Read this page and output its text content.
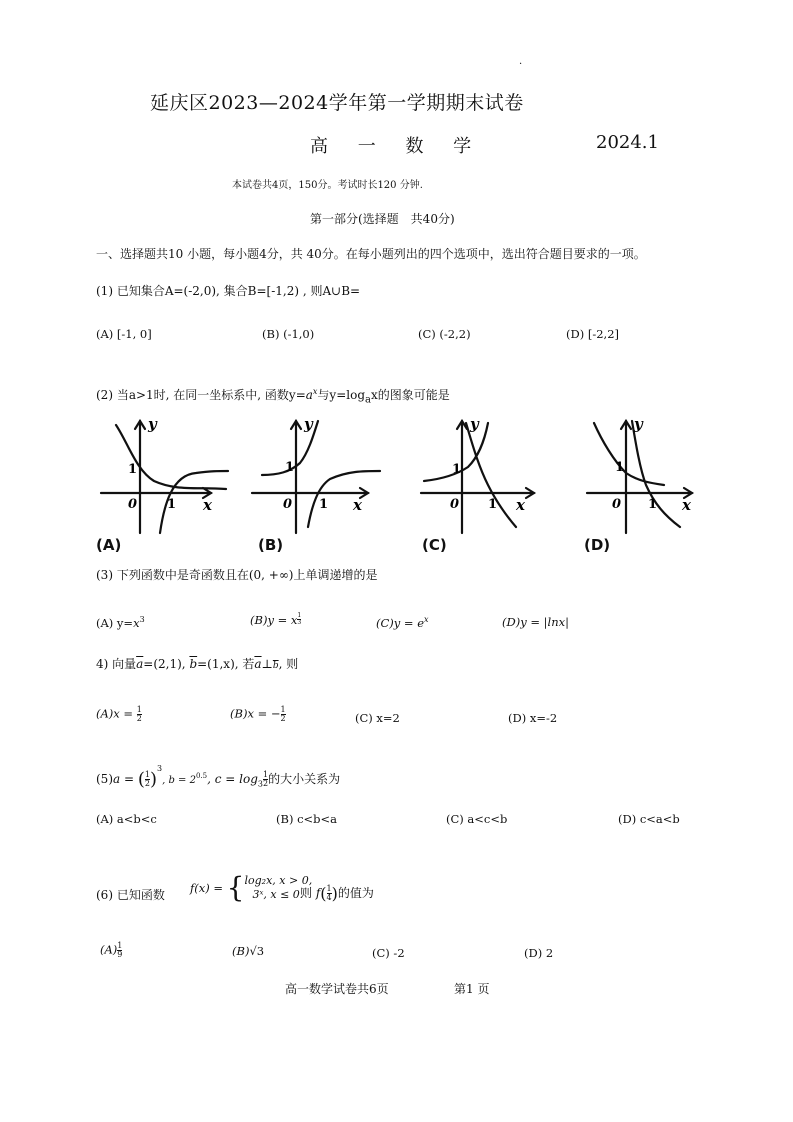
.
延庆区2023—2024学年第一学期期末试卷
高 一 数 学	2024.1
本试卷共4页，150分。考试时长120 分钟.
第一部分(选择题　共40分)
一、选择题共10 小题，每小题4分，共 40分。在每小题列出的四个选项中，选出符合题目要求的一项。
(1) 已知集合A=(-2,0), 集合B=[-1,2) , 则A∪B=
(A) [-1, 0]	(B) (-1,0)	(C) (-2,2)	(D) [-2,2]
(2) 当a>1时, 在同一坐标系中, 函数$y=a^x$与$y=\log_ax$的图象可能是
y
x
0
1
1
y
x
0
1
1
y
x
0
1
1
y
x
0
1
1
(A)	(B)	(C)	(D)
(3) 下列函数中是奇函数且在(0, +∞)上单调递增的是
(A) $y=x^3$	(B)y = x $\frac{1}{3}$	$(C)y = e^x$	(D)y = |lnx|
4) 向量$\overline{a}=(2,1)$, $\overline{b}=(1,x)$, 若$\overline{a}\perp\overline{b}$, 则
$(A)x = \frac{1}{2}$	(B)x = − $\frac{1}{2}$	(C) x=2	(D) x=-2
(5)a = ( $\frac{1}{2} )^3$, $b = 2^{0.5}$, $c = \log_3 \frac{1}{2}$ 的大小关系为
(A) a<b<c	(B) c<b<a	(C) a<c<b	(D) c<a<b
(6) 已知函数 f(x) = { log₂x, x > 0,
3ˣ, x ≤ 0.
则 $f( \frac{1}{4}$ )的值为
$(A) \frac{1}{9}$	(B)√3	(C) -2	(D) 2
高一数学试卷共6页	第1 页
